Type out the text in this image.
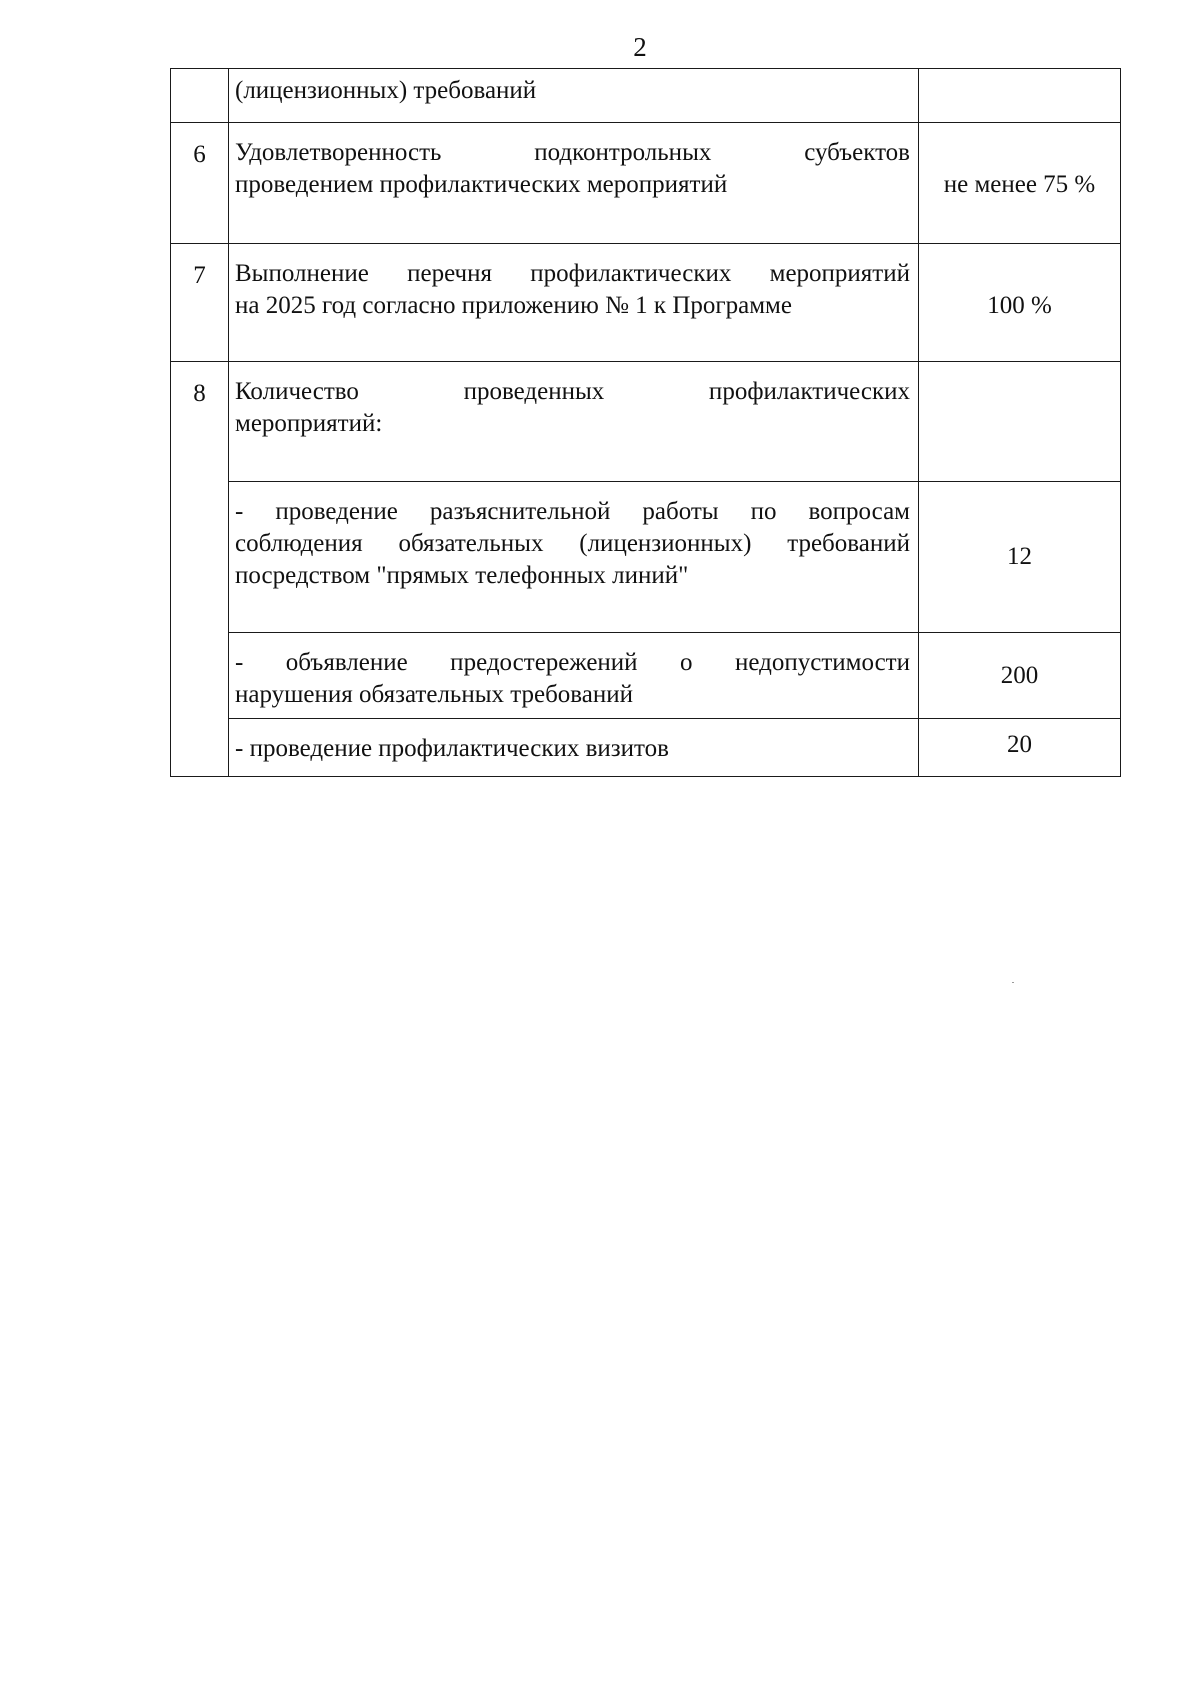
2

	(лицензионных) требований	

6	Удовлетворенность подконтрольных субъектов
проведением профилактических мероприятий	не менее 75 %
7	Выполнение перечня профилактических мероприятий
на 2025 год согласно приложению № 1 к Программе	100 %
8	Количество проведенных профилактических
мероприятий:	

	- проведение разъяснительной работы по вопросам
соблюдения обязательных (лицензионных) требований
посредством "прямых телефонных линий"	12

	- объявление предостережений о недопустимости
нарушения обязательных требований	200

	- проведение профилактических визитов	20
